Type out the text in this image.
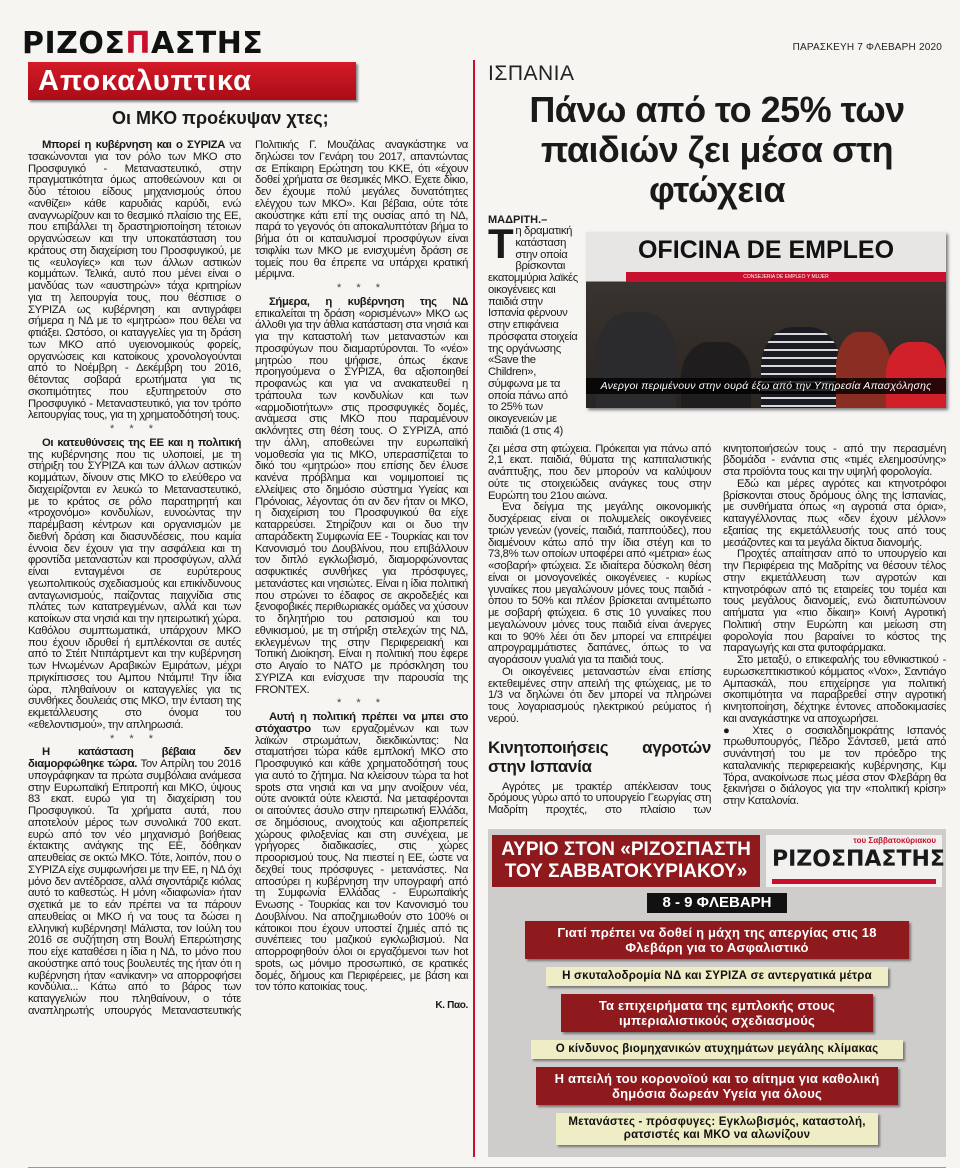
ΡΙΖΟΣΠΑΣΤΗΣ	ΠΑΡΑΣΚΕΥΗ 7 ΦΛΕΒΑΡΗ 2020
Αποκαλυπτικα
Οι ΜΚΟ προέκυψαν χτες;

Μπορεί η κυβέρνηση και ο ΣΥΡΙΖΑ να τσακώνονται για τον ρόλο των ΜΚΟ στο Προσφυγικό - Μεταναστευτικό, στην πραγματικότητα όμως αποθεώνουν και οι δύο τέτοιου είδους μηχανισμούς όπου «ανθίζει» κάθε καρυδιάς καρύδι, ενώ αναγνωρίζουν και το θεσμικό πλαίσιο της ΕΕ, που επιβάλλει τη δραστηριοποίηση τέτοιων οργανώσεων και την υποκατάσταση του κράτους στη διαχείριση του Προσφυγικού, με τις «ευλογίες» και των άλλων αστικών κομμάτων. Τελικά, αυτό που μένει είναι ο μανδύας των «αυστηρών» τάχα κριτηρίων για τη λειτουργία τους, που θέσπισε ο ΣΥΡΙΖΑ ως κυβέρνηση και αντιγράφει σήμερα η ΝΔ με το «μητρώο» που θέλει να φτιάξει. Ωστόσο, οι καταγγελίες για τη δράση των ΜΚΟ από υγειονομικούς φορείς, οργανώσεις και κατοίκους χρονολογούνται από το Νοέμβρη - Δεκέμβρη του 2016, θέτοντας σοβαρά ερωτήματα για τις σκοπιμότητες που εξυπηρετούν στο Προσφυγικό - Μεταναστευτικό, για τον τρόπο λειτουργίας τους, για τη χρηματοδότησή τους.

* * *

Οι κατευθύνσεις της ΕΕ και η πολιτική της κυβέρνησης που τις υλοποιεί, με τη στήριξη του ΣΥΡΙΖΑ και των άλλων αστικών κομμάτων, δίνουν στις ΜΚΟ το ελεύθερο να διαχειρίζονται εν λευκώ το Μεταναστευτικό, με το κράτος σε ρόλο παρατηρητή και «τροχονόμο» κονδυλίων, ευνοώντας την παρέμβαση κέντρων και οργανισμών με διεθνή δράση και διασυνδέσεις, που καμία έννοια δεν έχουν για την ασφάλεια και τη φροντίδα μεταναστών και προσφύγων, αλλά είναι ενταγμένοι σε ευρύτερους γεωπολιτικούς σχεδιασμούς και επικίνδυνους ανταγωνισμούς, παίζοντας παιχνίδια στις πλάτες των κατατρεγμένων, αλλά και των κατοίκων στα νησιά και την ηπειρωτική χώρα. Καθόλου συμπτωματικά, υπάρχουν ΜΚΟ που έχουν ιδρυθεί ή εμπλέκονται σε αυτές από το Στέιτ Ντιπάρτμεντ και την κυβέρνηση των Ηνωμένων Αραβικών Εμιράτων, μέχρι πριγκίπισσες του Αμπου Ντάμπι! Την ίδια ώρα, πληθαίνουν οι καταγγελίες για τις συνθήκες δουλειάς στις ΜΚΟ, την ένταση της εκμετάλλευσης στο όνομα του «εθελοντισμού», την απληρωσιά.

* * *

Η κατάσταση βέβαια δεν διαμορφώθηκε τώρα. Τον Απρίλη του 2016 υπογράφηκαν τα πρώτα συμβόλαια ανάμεσα στην Ευρωπαϊκή Επιτροπή και ΜΚΟ, ύψους 83 εκατ. ευρώ για τη διαχείριση του Προσφυγικού. Τα χρήματα αυτά, που αποτελούν μέρος των συνολικά 700 εκατ. ευρώ από τον νέο μηχανισμό βοήθειας έκτακτης ανάγκης της ΕΕ, δόθηκαν απευθείας σε οκτώ ΜΚΟ. Τότε, λοιπόν, που ο ΣΥΡΙΖΑ είχε συμφωνήσει με την ΕΕ, η ΝΔ όχι μόνο δεν αντέδρασε, αλλά σιγοντάριζε κιόλας αυτό το καθεστώς. Η μόνη «διαφωνία» ήταν σχετικά με το εάν πρέπει να τα πάρουν απευθείας οι ΜΚΟ ή να τους τα δώσει η ελληνική κυβέρνηση! Μάλιστα, τον Ιούλη του 2016 σε συζήτηση στη Βουλή Επερώτησης που είχε καταθέσει η ίδια η ΝΔ, το μόνο που ακούστηκε από τους βουλευτές της ήταν ότι η κυβέρνηση ήταν «ανίκανη» να απορροφήσει κονδύλια... Κάτω από το βάρος των καταγγελιών που πληθαίνουν, ο τότε αναπληρωτής υπουργός Μεταναστευτικής Πολιτικής Γ. Μουζάλας αναγκάστηκε να δηλώσει τον Γενάρη του 2017, απαντώντας σε Επίκαιρη Ερώτηση του ΚΚΕ, ότι «έχουν δοθεί χρήματα σε θεσμικές ΜΚΟ. Εχετε δίκιο, δεν έχουμε πολύ μεγάλες δυνατότητες ελέγχου των ΜΚΟ». Και βέβαια, ούτε τότε ακούστηκε κάτι επί της ουσίας από τη ΝΔ, παρά το γεγονός ότι αποκαλυπτόταν βήμα το βήμα ότι οι καταυλισμοί προσφύγων είναι τσιφλίκι των ΜΚΟ με ενισχυμένη δράση σε τομείς που θα έπρεπε να υπάρχει κρατική μέριμνα.

* * *

Σήμερα, η κυβέρνηση της ΝΔ επικαλείται τη δράση «ορισμένων» ΜΚΟ ως άλλοθι για την άθλια κατάσταση στα νησιά και για την καταστολή των μεταναστών και προσφύγων που διαμαρτύρονται. Το «νέο» μητρώο που ψήφισε, όπως έκανε προηγούμενα ο ΣΥΡΙΖΑ, θα αξιοποιηθεί προφανώς και για να ανακατευθεί η τράπουλα των κονδυλίων και των «αρμοδιοτήτων» στις προσφυγικές δομές, ανάμεσα στις ΜΚΟ που παραμένουν ακλόνητες στη θέση τους. Ο ΣΥΡΙΖΑ, από την άλλη, αποθεώνει την ευρωπαϊκή νομοθεσία για τις ΜΚΟ, υπερασπίζεται το δικό του «μητρώο» που επίσης δεν έλυσε κανένα πρόβλημα και νομιμοποιεί τις ελλείψεις στο δημόσιο σύστημα Υγείας και Πρόνοιας, λέγοντας ότι αν δεν ήταν οι ΜΚΟ, η διαχείριση του Προσφυγικού θα είχε καταρρεύσει. Στηρίζουν και οι δυο την απαράδεκτη Συμφωνία ΕΕ - Τουρκίας και τον Κανονισμό του Δουβλίνου, που επιβάλλουν τον διπλό εγκλωβισμό, διαμορφώνοντας ασφυκτικές συνθήκες για πρόσφυγες, μετανάστες και νησιώτες. Είναι η ίδια πολιτική που στρώνει το έδαφος σε ακροδεξιές και ξενοφοβικές περιθωριακές ομάδες να χύσουν το δηλητήριο του ρατσισμού και του εθνικισμού, με τη στήριξη στελεχών της ΝΔ, εκλεγμένων της στην Περιφερειακή και Τοπική Διοίκηση. Είναι η πολιτική που έφερε στο Αιγαίο το ΝΑΤΟ με πρόσκληση του ΣΥΡΙΖΑ και ενίσχυσε την παρουσία της FRONTEX.

* * *

Αυτή η πολιτική πρέπει να μπει στο στόχαστρο των εργαζομένων και των λαϊκών στρωμάτων, διεκδικώντας: Να σταματήσει τώρα κάθε εμπλοκή ΜΚΟ στο Προσφυγικό και κάθε χρηματοδότησή τους για αυτό το ζήτημα. Να κλείσουν τώρα τα hot spots στα νησιά και να μην ανοίξουν νέα, ούτε ανοικτά ούτε κλειστά. Να μεταφέρονται οι αιτούντες άσυλο στην ηπειρωτική Ελλάδα, σε δημόσιους, ανοιχτούς και αξιοπρεπείς χώρους φιλοξενίας και στη συνέχεια, με γρήγορες διαδικασίες, στις χώρες προορισμού τους. Να πιεστεί η ΕΕ, ώστε να δεχθεί τους πρόσφυγες - μετανάστες. Να αποσύρει η κυβέρνηση την υπογραφή από τη Συμφωνία Ελλάδας - Ευρωπαϊκής Ενωσης - Τουρκίας και τον Κανονισμό του Δουβλίνου. Να αποζημιωθούν στο 100% οι κάτοικοι που έχουν υποστεί ζημιές από τις συνέπειες του μαζικού εγκλωβισμού. Να απορροφηθούν όλοι οι εργαζόμενοι των hot spots, ως μόνιμο προσωπικό, σε κρατικές δομές, δήμους και Περιφέρειες, με βάση και τον τόπο κατοικίας τους.

Κ. Παο.
ΙΣΠΑΝΙΑ
Πάνω από το 25% των παιδιών ζει μέσα στη φτώχεια
ΜΑΔΡΙΤΗ.–
Τη δραματική κατάσταση στην οποία βρίσκονται εκατομμύρια λαϊκές οικογένειες και παιδιά στην Ισπανία φέρνουν στην επιφάνεια πρόσφατα στοιχεία της οργάνωσης «Save the Children», σύμφωνα με τα οποία πάνω από το 25% των οικογενειών με παιδιά (1 στις 4)
OFICINA DE EMPLEO
CONSEJERIA DE EMPLEO Y MUJER
Ανεργοι περιμένουν στην ουρά έξω από την Υπηρεσία Απασχόλησης

ζει μέσα στη φτώχεια. Πρόκειται για πάνω από 2,1 εκατ. παιδιά, θύματα της καπιταλιστικής ανάπτυξης, που δεν μπορούν να καλύψουν ούτε τις στοιχειώδεις ανάγκες τους στην Ευρώπη του 21ου αιώνα.

Ενα δείγμα της μεγάλης οικονομικής δυσχέρειας είναι οι πολυμελείς οικογένειες τριών γενεών (γονείς, παιδιά, παππούδες), που διαμένουν κάτω από την ίδια στέγη και το 73,8% των οποίων υποφέρει από «μέτρια» έως «σοβαρή» φτώχεια. Σε ιδιαίτερα δύσκολη θέση είναι οι μονογονεϊκές οικογένειες - κυρίως γυναίκες που μεγαλώνουν μόνες τους παιδιά - όπου το 50% και πλέον βρίσκεται αντιμέτωπο με σοβαρή φτώχεια. 6 στις 10 γυναίκες που μεγαλώνουν μόνες τους παιδιά είναι άνεργες και το 90% λέει ότι δεν μπορεί να επιτρέψει απρογραμμάτιστες δαπάνες, όπως το να αγοράσουν γυαλιά για τα παιδιά τους.

Οι οικογένειες μεταναστών είναι επίσης εκτεθειμένες στην απειλή της φτώχειας, με το 1/3 να δηλώνει ότι δεν μπορεί να πληρώνει τους λογαριασμούς ηλεκτρικού ρεύματος ή νερού.

Κινητοποιήσεις αγροτών στην Ισπανία

Αγρότες με τρακτέρ απέκλεισαν τους δρόμους γύρω από το υπουργείο Γεωργίας στη Μαδρίτη προχτές, στο πλαίσιο των κινητοποιήσεών τους - από την περασμένη βδομάδα - ενάντια στις «τιμές ελεημοσύνης» στα προϊόντα τους και την υψηλή φορολογία.

Εδώ και μέρες αγρότες και κτηνοτρόφοι βρίσκονται στους δρόμους όλης της Ισπανίας, με συνθήματα όπως «η αγροτιά στα όρια», καταγγέλλοντας πως «δεν έχουν μέλλον» εξαιτίας της εκμετάλλευσής τους από τους μεσάζοντες και τα μεγάλα δίκτυα διανομής.

Προχτές απαίτησαν από το υπουργείο και την Περιφέρεια της Μαδρίτης να θέσουν τέλος στην εκμετάλλευση των αγροτών και κτηνοτρόφων από τις εταιρείες του τομέα και τους μεγάλους διανομείς, ενώ διατυπώνουν αιτήματα για «πιο δίκαιη» Κοινή Αγροτική Πολιτική στην Ευρώπη και μείωση στη φορολογία που βαραίνει το κόστος της παραγωγής και στα φυτοφάρμακα.

Στο μεταξύ, ο επικεφαλής του εθνικιστικού - ευρωσκεπτικιστικού κόμματος «Vox», Σαντιάγο Αμπασκάλ, που επιχείρησε για πολιτική σκοπιμότητα να παραβρεθεί στην αγροτική κινητοποίηση, δέχτηκε έντονες αποδοκιμασίες και αναγκάστηκε να αποχωρήσει.

● Χτες ο σοσιαλδημοκράτης Ισπανός πρωθυπουργός, Πέδρο Σάντσεθ, μετά από συνάντησή του με τον πρόεδρο της καταλανικής περιφερειακής κυβέρνησης, Κιμ Τόρα, ανακοίνωσε πως μέσα στον Φλεβάρη θα ξεκινήσει ο διάλογος για την «πολιτική κρίση» στην Καταλονία.

ΑΥΡΙΟ ΣΤΟΝ «ΡΙΖΟΣΠΑΣΤΗ ΤΟΥ ΣΑΒΒΑΤΟΚΥΡΙΑΚΟΥ»
του Σαββατοκύριακου
ΡΙΖΟΣΠΑΣΤΗΣ
8 - 9 ΦΛΕΒΑΡΗ
Γιατί πρέπει να δοθεί η μάχη της απεργίας στις 18 Φλεβάρη για το Ασφαλιστικό
Η σκυταλοδρομία ΝΔ και ΣΥΡΙΖΑ σε αντεργατικά μέτρα
Τα επιχειρήματα της εμπλοκής στους ιμπεριαλιστικούς σχεδιασμούς
Ο κίνδυνος βιομηχανικών ατυχημάτων μεγάλης κλίμακας
Η απειλή του κορονοϊού και το αίτημα για καθολική δημόσια δωρεάν Υγεία για όλους
Μετανάστες - πρόσφυγες: Εγκλωβισμός, καταστολή, ρατσιστές και ΜΚΟ να αλωνίζουν
